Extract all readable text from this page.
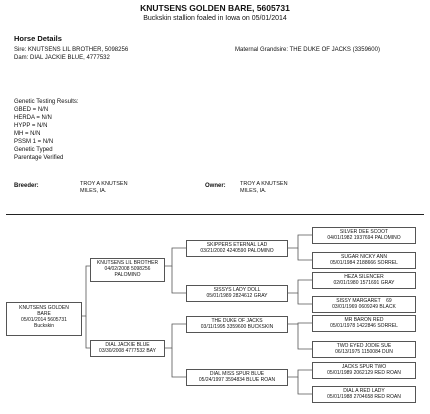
KNUTSENS GOLDEN BARE, 5605731
Buckskin stallion foaled in Iowa on 05/01/2014
Horse Details
Sire: KNUTSENS LIL BROTHER, 5098256
Dam: DIAL JACKIE BLUE, 4777532
Maternal Grandsire: THE DUKE OF JACKS (3359600)
Genetic Testing Results:
GBED = N/N
HERDA = N/N
HYPP = N/N
MH = N/N
PSSM 1 = N/N
Genetic Typed
Parentage Verified
Breeder:	TROY A KNUTSEN
MILES, IA.
Owner:	TROY A KNUTSEN
MILES, IA.
KNUTSENS GOLDEN
BARE
05/01/2014 5605731
Buckskin
KNUTSENS LIL BROTHER
04/02/2008 5098256
PALOMINO
DIAL JACKIE BLUE
03/30/2008 4777532 BAY
SKIPPERS ETERNAL LAD
03/21/2002 4240590 PALOMINO
SISSYS LADY DOLL
05/01/1989 2824612 GRAY
THE DUKE OF JACKS
03/11/1995 3359600 BUCKSKIN
DIAL MISS SPUR BLUE
05/24/1997 3594834 BLUE ROAN
SILVER DEE SCOOT
04/01/1982 1937694 PALOMINO
SUGAR NICKY ANN
05/01/1984 2188666 SORREL
HEZA SILENCER
02/01/1980 1571691 GRAY
SISSY MARGARET    69
03/01/1969 0609249 BLACK
MR BARON RED
05/01/1978 1422846 SORREL
TWO EYED JODIE SUE
06/13/1975 1150084 DUN
JACKS SPUR TWO
05/01/1989 2062129 RED ROAN
DIAL A RED LADY
05/01/1988 2704658 RED ROAN
